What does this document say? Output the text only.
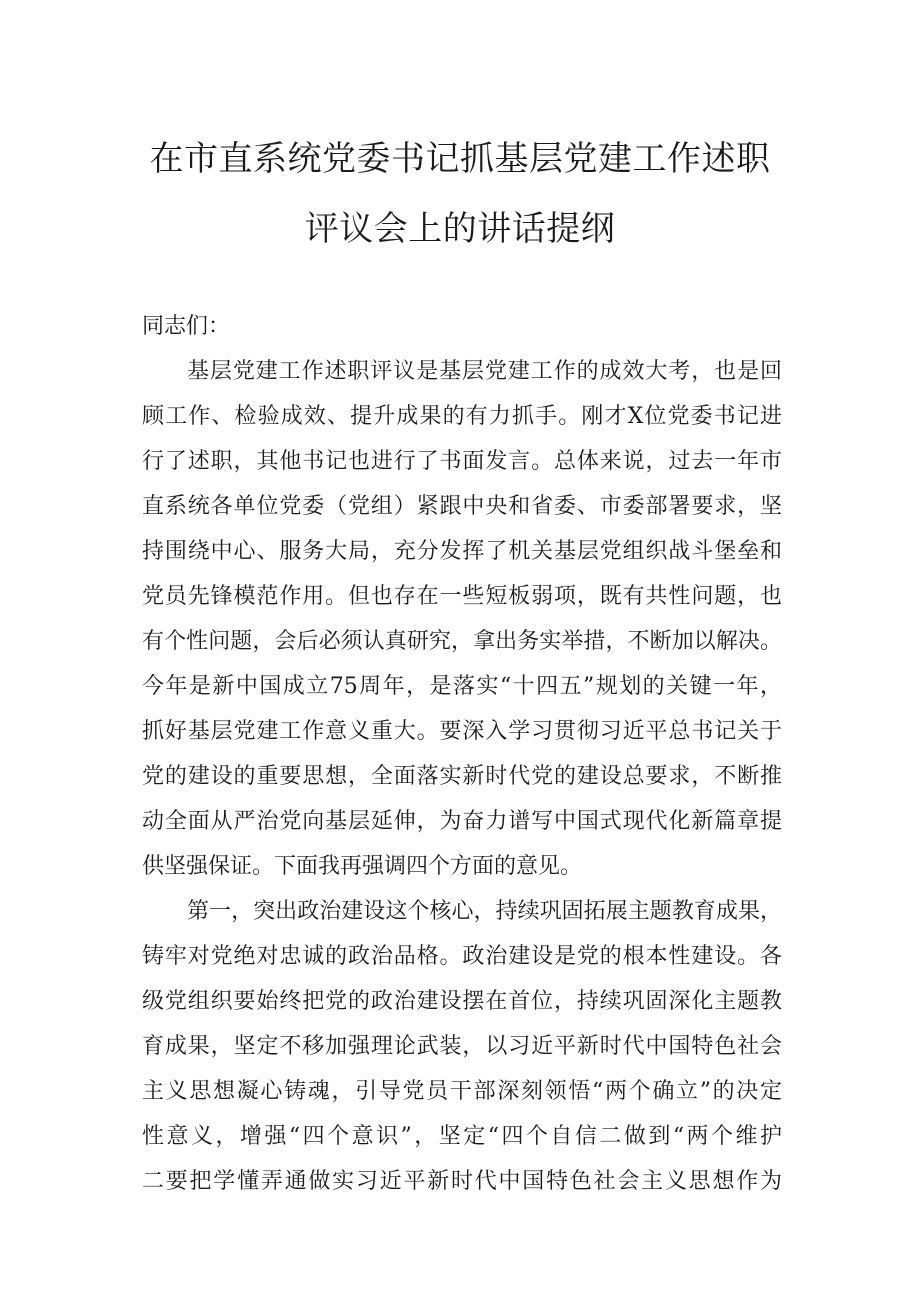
在市直系统党委书记抓基层党建工作述职
评议会上的讲话提纲
同志们：
基层党建工作述职评议是基层党建工作的成效大考，也是回
顾工作、检验成效、提升成果的有力抓手。刚才X位党委书记进
行了述职，其他书记也进行了书面发言。总体来说，过去一年市
直系统各单位党委（党组）紧跟中央和省委、市委部署要求，坚
持围绕中心、服务大局，充分发挥了机关基层党组织战斗堡垒和
党员先锋模范作用。但也存在一些短板弱项，既有共性问题，也
有个性问题，会后必须认真研究，拿出务实举措，不断加以解决。
今年是新中国成立75周年，是落实“十四五”规划的关键一年，
抓好基层党建工作意义重大。要深入学习贯彻习近平总书记关于
党的建设的重要思想，全面落实新时代党的建设总要求，不断推
动全面从严治党向基层延伸，为奋力谱写中国式现代化新篇章提
供坚强保证。下面我再强调四个方面的意见。
第一，突出政治建设这个核心，持续巩固拓展主题教育成果，
铸牢对党绝对忠诚的政治品格。政治建设是党的根本性建设。各
级党组织要始终把党的政治建设摆在首位，持续巩固深化主题教
育成果，坚定不移加强理论武装，以习近平新时代中国特色社会
主义思想凝心铸魂，引导党员干部深刻领悟“两个确立”的决定
性意义，增强“四个意识”，坚定“四个自信二做到“两个维护
二要把学懂弄通做实习近平新时代中国特色社会主义思想作为
